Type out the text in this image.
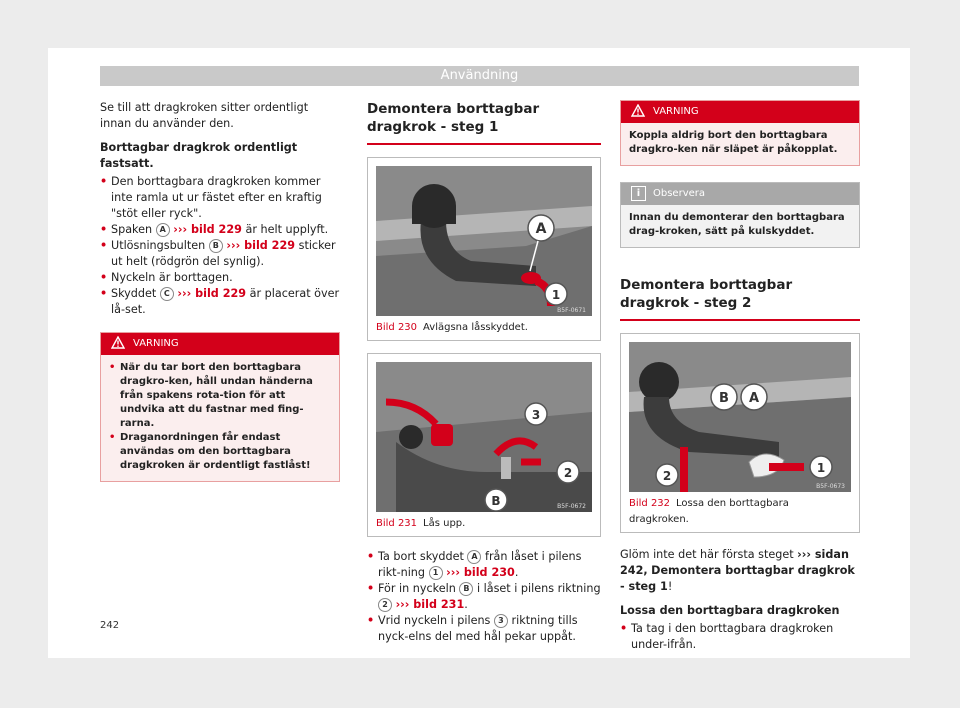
Användning

Se till att dragkroken sitter ordentligt innan du använder den.

Borttagbar dragkrok ordentligt fastsatt.

• Den borttagbara dragkroken kommer inte ramla ut ur fästet efter en kraftig "stöt eller ryck".

• Spaken A ››› bild 229 är helt upplyft.

• Utlösningsbulten B ››› bild 229 sticker ut helt (rödgrön del synlig).

• Nyckeln är borttagen.

• Skyddet C ››› bild 229 är placerat över lå-set.

VARNING

• När du tar bort den borttagbara dragkro-ken, håll undan händerna från spakens rota-tion för att undvika att du fastnar med fing-rarna.

• Draganordningen får endast användas om den borttagbara dragkroken är ordentligt fastlåst!

Demontera borttagbar dragkrok - steg 1
A
1
B5F-0671
Bild 230 Avlägsna låsskyddet.
3
2
B	B5F-0672
Bild 231 Lås upp.

• Ta bort skyddet A från låset i pilens rikt-ning 1 ››› bild 230.

• För in nyckeln B i låset i pilens riktning 2 ››› bild 231.

• Vrid nyckeln i pilens 3 riktning tills nyck-elns del med hål pekar uppåt.

VARNING
Koppla aldrig bort den borttagbara dragkro-ken när släpet är påkopplat.
i	Observera
Innan du demonterar den borttagbara drag-kroken, sätt på kulskyddet.
Demontera borttagbar dragkrok - steg 2
B A
2
1
B5F-0673
Bild 232 Lossa den borttagbara dragkroken.

Glöm inte det här första steget ››› sidan 242, Demontera borttagbar dragkrok - steg 1!

Lossa den borttagbara dragkroken

• Ta tag i den borttagbara dragkroken under-ifrån.

242
